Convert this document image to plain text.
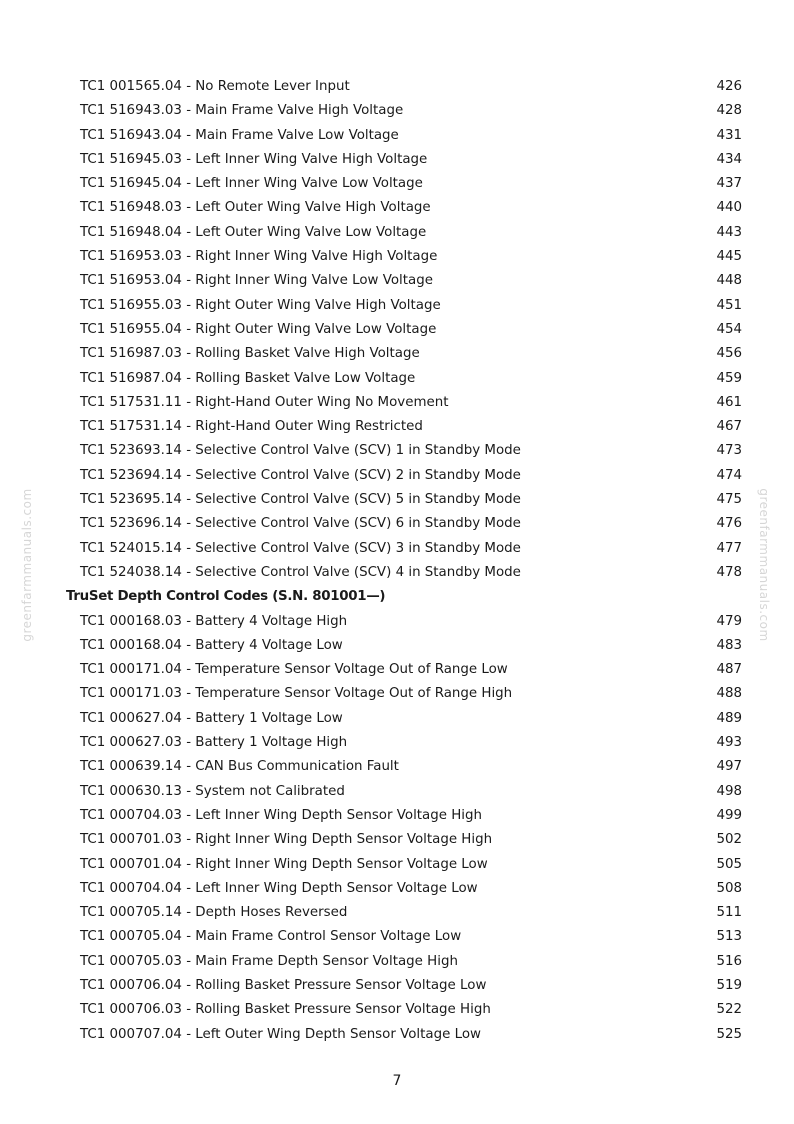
greenfarmmanuals.com	greenfarmmanuals.com
TC1 001565.04 - No Remote Lever Input	426
TC1 516943.03 - Main Frame Valve High Voltage	428
TC1 516943.04 - Main Frame Valve Low Voltage	431
TC1 516945.03 - Left Inner Wing Valve High Voltage	434
TC1 516945.04 - Left Inner Wing Valve Low Voltage	437
TC1 516948.03 - Left Outer Wing Valve High Voltage	440
TC1 516948.04 - Left Outer Wing Valve Low Voltage	443
TC1 516953.03 - Right Inner Wing Valve High Voltage	445
TC1 516953.04 - Right Inner Wing Valve Low Voltage	448
TC1 516955.03 - Right Outer Wing Valve High Voltage	451
TC1 516955.04 - Right Outer Wing Valve Low Voltage	454
TC1 516987.03 - Rolling Basket Valve High Voltage	456
TC1 516987.04 - Rolling Basket Valve Low Voltage	459
TC1 517531.11 - Right-Hand Outer Wing No Movement	461
TC1 517531.14 - Right-Hand Outer Wing Restricted	467
TC1 523693.14 - Selective Control Valve (SCV) 1 in Standby Mode	473
TC1 523694.14 - Selective Control Valve (SCV) 2 in Standby Mode	474
TC1 523695.14 - Selective Control Valve (SCV) 5 in Standby Mode	475
TC1 523696.14 - Selective Control Valve (SCV) 6 in Standby Mode	476
TC1 524015.14 - Selective Control Valve (SCV) 3 in Standby Mode	477
TC1 524038.14 - Selective Control Valve (SCV) 4 in Standby Mode	478
TruSet Depth Control Codes (S.N. 801001—)
TC1 000168.03 - Battery 4 Voltage High	479
TC1 000168.04 - Battery 4 Voltage Low	483
TC1 000171.04 - Temperature Sensor Voltage Out of Range Low	487
TC1 000171.03 - Temperature Sensor Voltage Out of Range High	488
TC1 000627.04 - Battery 1 Voltage Low	489
TC1 000627.03 - Battery 1 Voltage High	493
TC1 000639.14 - CAN Bus Communication Fault	497
TC1 000630.13 - System not Calibrated	498
TC1 000704.03 - Left Inner Wing Depth Sensor Voltage High	499
TC1 000701.03 - Right Inner Wing Depth Sensor Voltage High	502
TC1 000701.04 - Right Inner Wing Depth Sensor Voltage Low	505
TC1 000704.04 - Left Inner Wing Depth Sensor Voltage Low	508
TC1 000705.14 - Depth Hoses Reversed	511
TC1 000705.04 - Main Frame Control Sensor Voltage Low	513
TC1 000705.03 - Main Frame Depth Sensor Voltage High	516
TC1 000706.04 - Rolling Basket Pressure Sensor Voltage Low	519
TC1 000706.03 - Rolling Basket Pressure Sensor Voltage High	522
TC1 000707.04 - Left Outer Wing Depth Sensor Voltage Low	525
7
